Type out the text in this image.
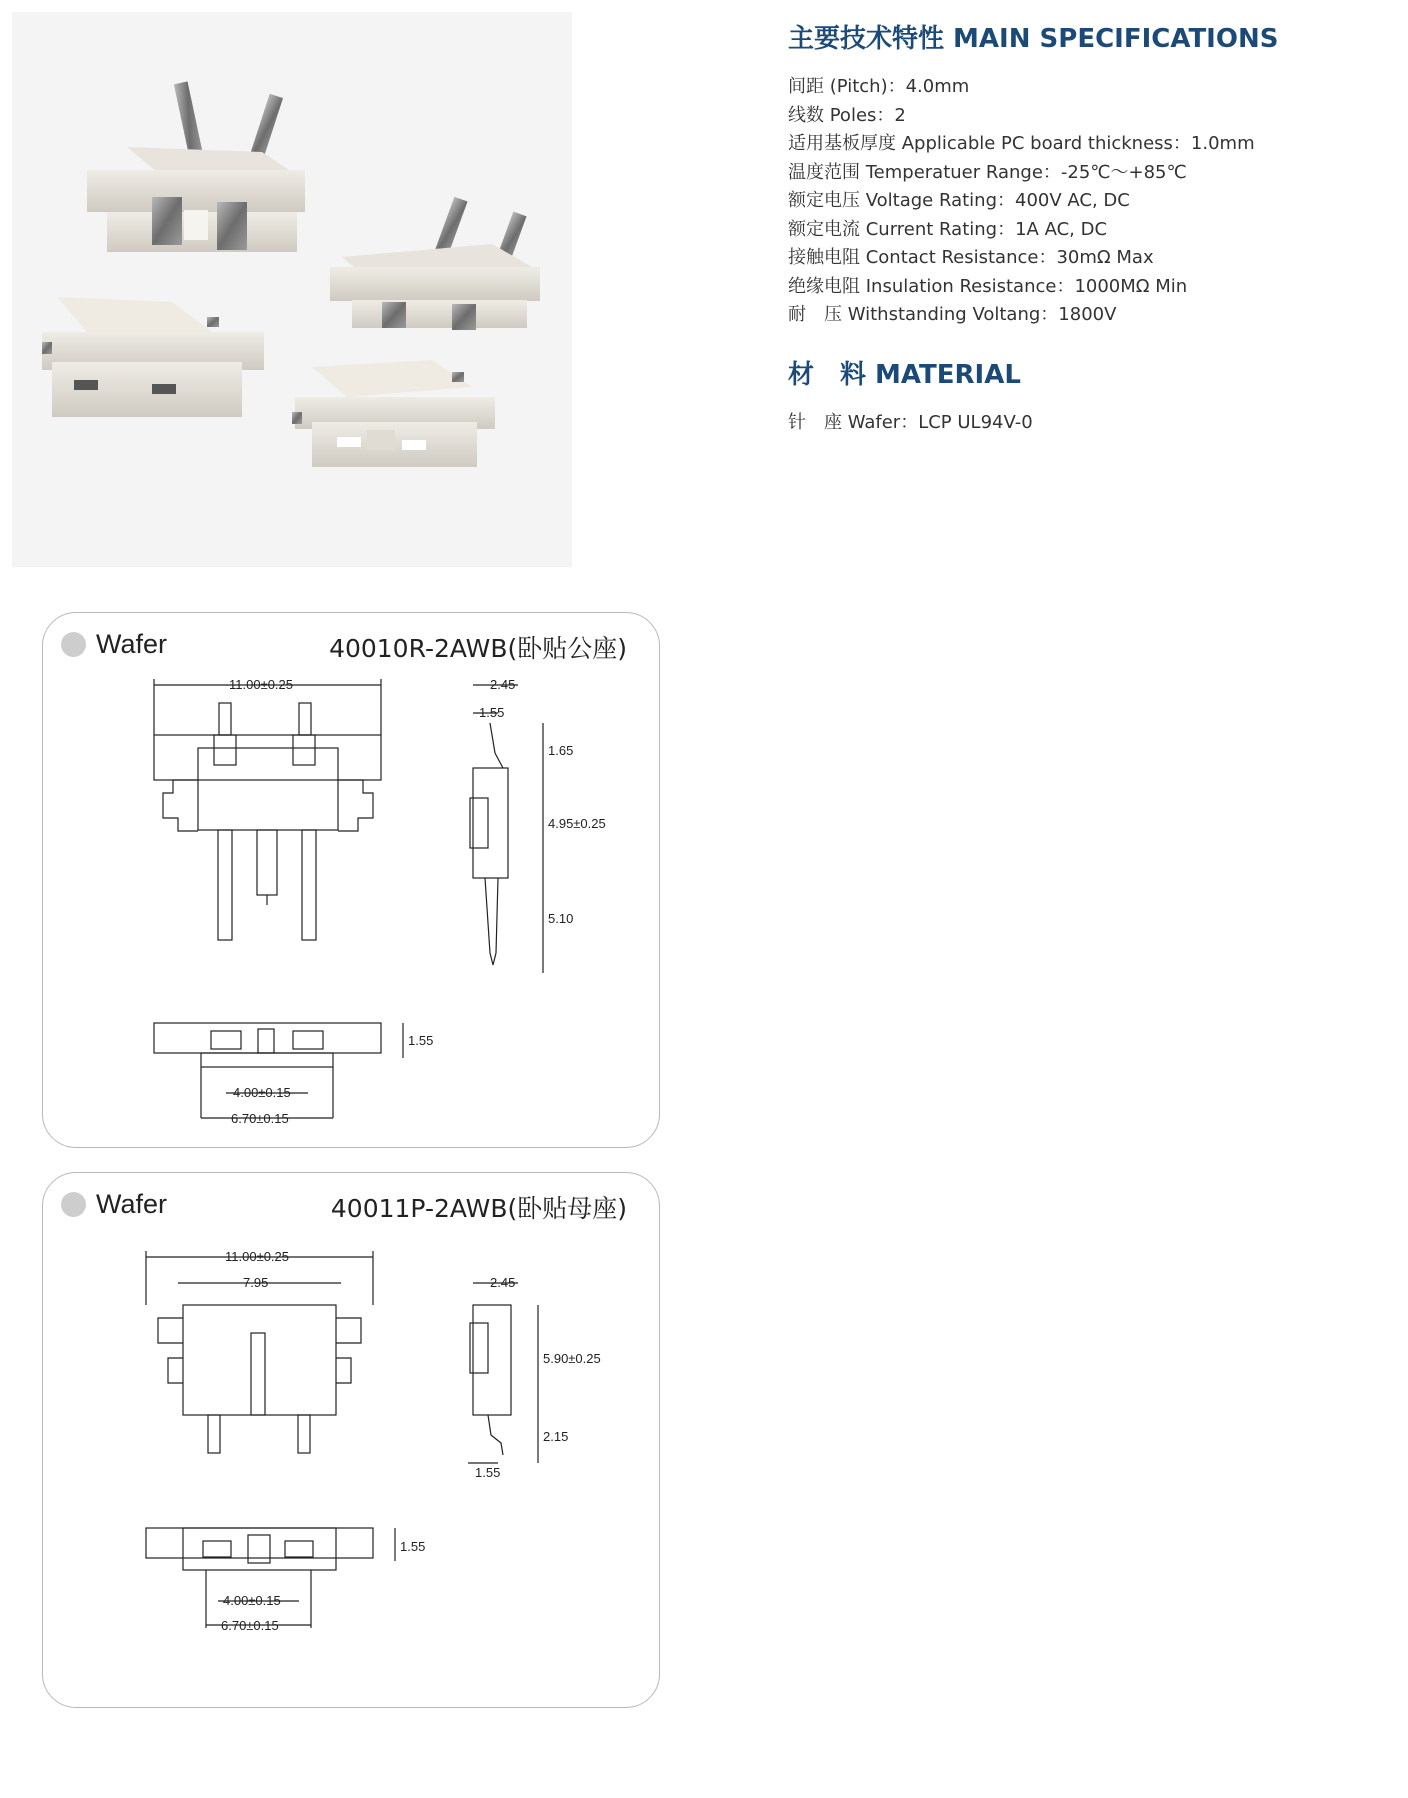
主要技术特性 MAIN SPECIFICATIONS
间距 (Pitch)：4.0mm
线数 Poles：2
适用基板厚度 Applicable PC board thickness：1.0mm
温度范围 Temperatuer Range：-25℃～+85℃
额定电压 Voltage Rating：400V AC, DC
额定电流 Current Rating：1A AC, DC
接触电阻 Contact Resistance：30mΩ Max
绝缘电阻 Insulation Resistance：1000MΩ Min
耐　压 Withstanding Voltang：1800V
材　料 MATERIAL
针　座 Wafer：LCP UL94V-0
Wafer	40010R-2AWB(卧贴公座)
11.00±0.25	2.45
1.55
1.65
4.95±0.25
5.10
1.55
4.00±0.15
6.70±0.15
Wafer	40011P-2AWB(卧贴母座)
11.00±0.25
7.95	2.45
5.90±0.25
2.15
1.55
1.55
4.00±0.15
6.70±0.15
